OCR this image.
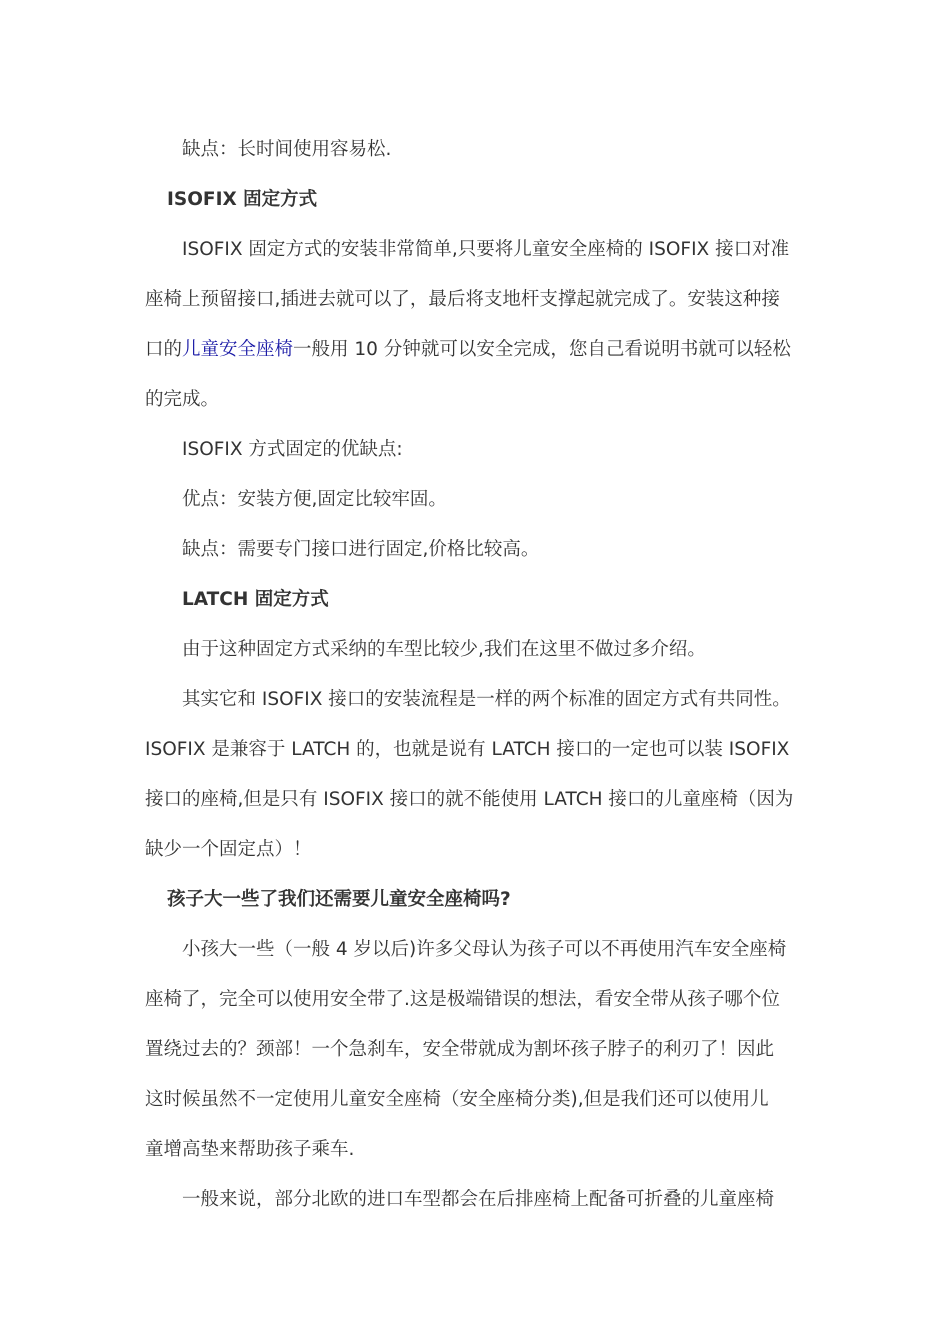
缺点：长时间使用容易松.
ISOFIX 固定方式
ISOFIX 固定方式的安装非常简单,只要将儿童安全座椅的 ISOFIX 接口对准
座椅上预留接口,插进去就可以了，最后将支地杆支撑起就完成了。安装这种接
口的儿童安全座椅一般用 10 分钟就可以安全完成，您自己看说明书就可以轻松
的完成。
ISOFIX 方式固定的优缺点:
优点：安装方便,固定比较牢固。
缺点：需要专门接口进行固定,价格比较高。
LATCH 固定方式
由于这种固定方式采纳的车型比较少,我们在这里不做过多介绍。
其实它和 ISOFIX 接口的安装流程是一样的两个标准的固定方式有共同性。
ISOFIX 是兼容于 LATCH 的，也就是说有 LATCH 接口的一定也可以装 ISOFIX
接口的座椅,但是只有 ISOFIX 接口的就不能使用 LATCH 接口的儿童座椅（因为
缺少一个固定点）！
孩子大一些了我们还需要儿童安全座椅吗?
小孩大一些（一般 4 岁以后)许多父母认为孩子可以不再使用汽车安全座椅
座椅了，完全可以使用安全带了.这是极端错误的想法，看安全带从孩子哪个位
置绕过去的？颈部！一个急刹车，安全带就成为割坏孩子脖子的利刃了！因此
这时候虽然不一定使用儿童安全座椅（安全座椅分类),但是我们还可以使用儿
童增高垫来帮助孩子乘车.
一般来说，部分北欧的进口车型都会在后排座椅上配备可折叠的儿童座椅
